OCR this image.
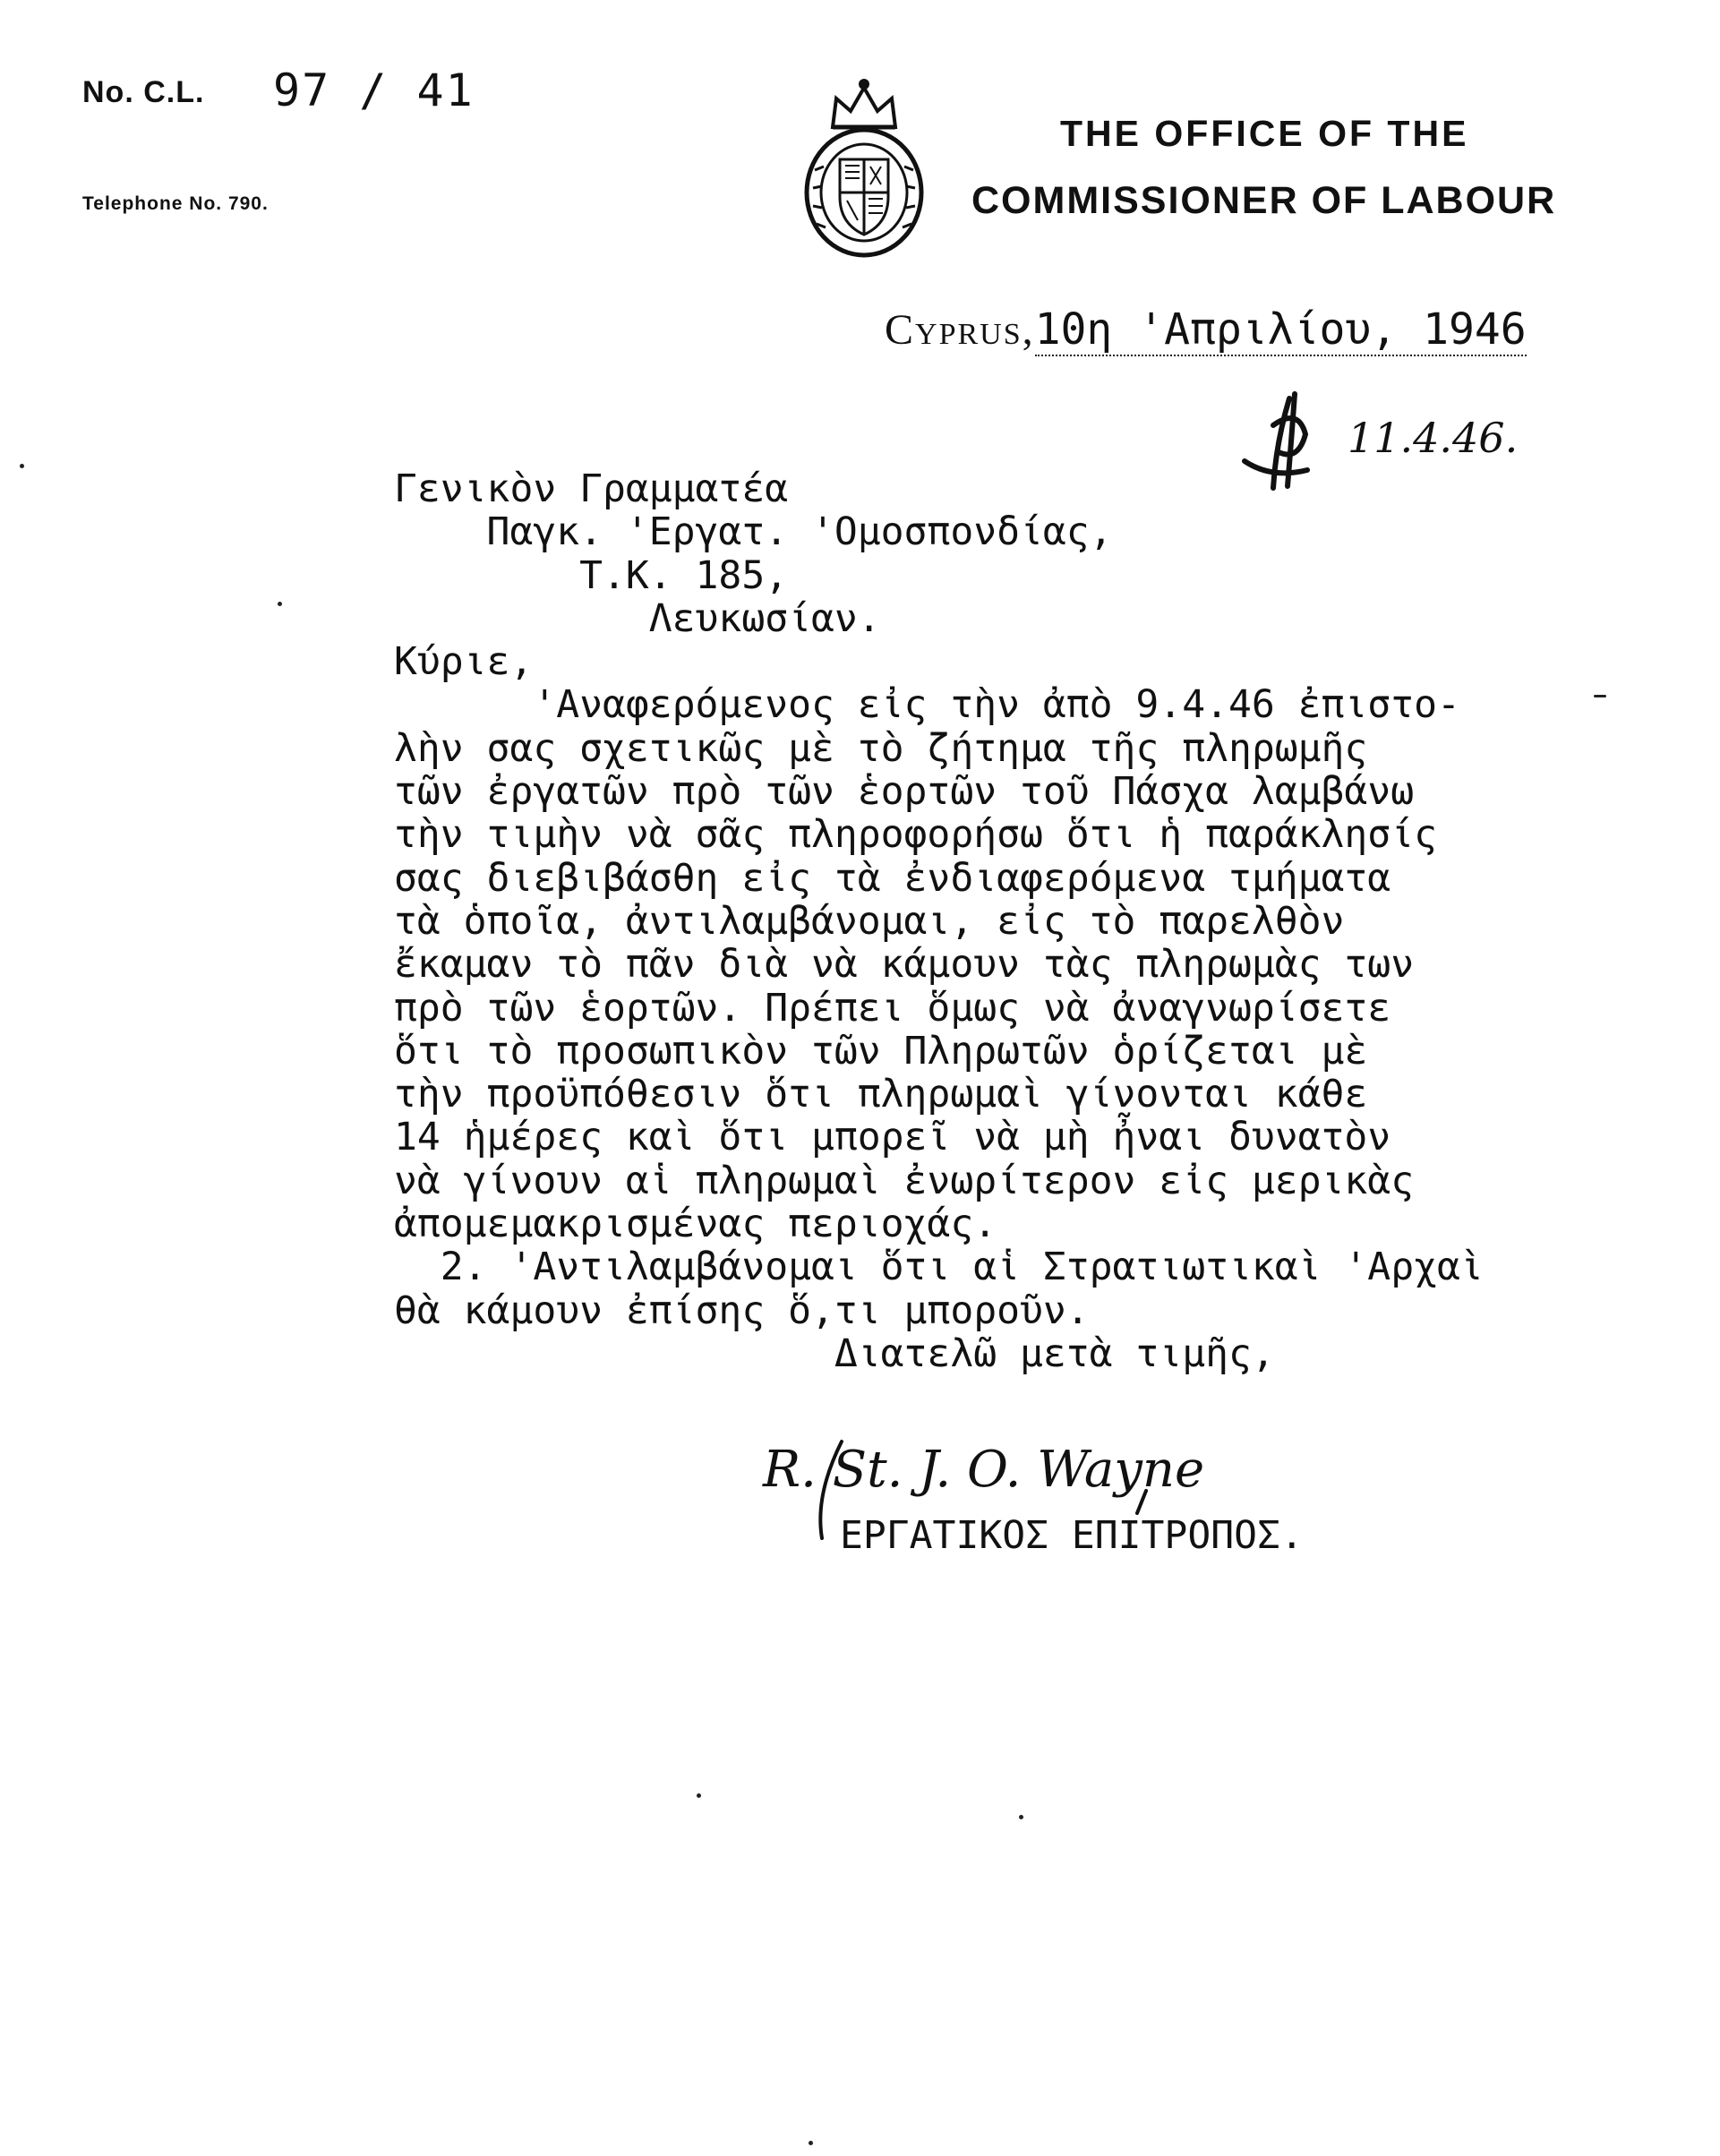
No. C.L. 97 / 41
Telephone No. 790.
THE OFFICE OF THE
COMMISSIONER OF LABOUR
Cyprus,10η 'Απριλίου, 1946
11.4.46.
Γενικὸν Γραμματέα
Παγκ. 'Εργατ. 'Ομοσπονδίας,
Τ.Κ. 185,
Λευκωσίαν.
Κύριε,
'Αναφερόμενος εἰς τὴν ἀπὸ 9.4.46 ἐπιστο-
λὴν σας σχετικῶς μὲ τὸ ζήτημα τῆς πληρωμῆς
τῶν ἐργατῶν πρὸ τῶν ἑορτῶν τοῦ Πάσχα λαμβάνω
τὴν τιμὴν νὰ σᾶς πληροφορήσω ὅτι ἡ παράκλησίς
σας διεβιβάσθη εἰς τὰ ἐνδιαφερόμενα τμήματα
τὰ ὁποῖα, ἀντιλαμβάνομαι, εἰς τὸ παρελθὸν
ἔκαμαν τὸ πᾶν διὰ νὰ κάμουν τὰς πληρωμὰς των
πρὸ τῶν ἑορτῶν. Πρέπει ὅμως νὰ ἀναγνωρίσετε
ὅτι τὸ προσωπικὸν τῶν Πληρωτῶν ὁρίζεται μὲ
τὴν προϋπόθεσιν ὅτι πληρωμαὶ γίνονται κάθε
14 ἡμέρες καὶ ὅτι μπορεῖ νὰ μὴ ἦναι δυνατὸν
νὰ γίνουν αἱ πληρωμαὶ ἐνωρίτερον εἰς μερικὰς
ἀπομεμακρισμένας περιοχάς.
2. 'Αντιλαμβάνομαι ὅτι αἱ Στρατιωτικαὶ 'Αρχαὶ
θὰ κάμουν ἐπίσης ὅ,τι μποροῦν.
Διατελῶ μετὰ τιμῆς,
R. St. J. O. Wayne
ΕΡΓΑΤΙΚΟΣ ΕΠΙΤΡΟΠΟΣ.
